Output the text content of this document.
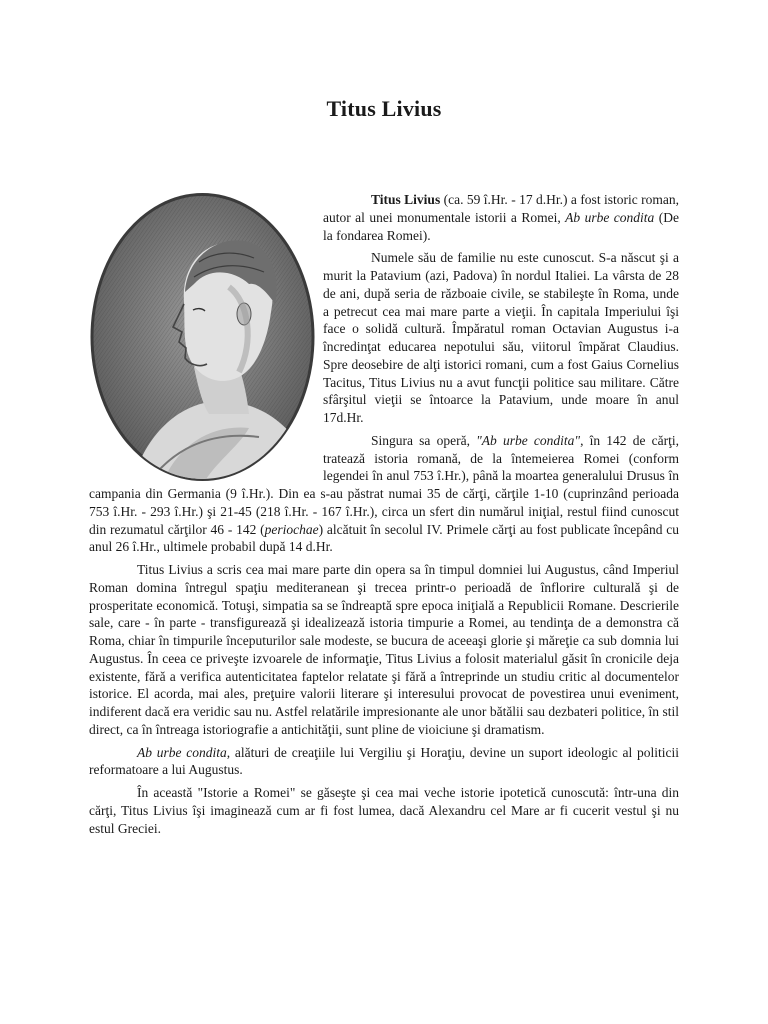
Titus Livius

Titus Livius (ca. 59 î.Hr. - 17 d.Hr.) a fost istoric roman, autor al unei monumentale istorii a Romei, Ab urbe condita (De la fondarea Romei).

Numele său de familie nu este cunoscut. S-a născut şi a murit la Patavium (azi, Padova) în nordul Italiei. La vârsta de 28 de ani, după seria de războaie civile, se stabileşte în Roma, unde a petrecut cea mai mare parte a vieţii. În capitala Imperiului îşi face o solidă cultură. Împăratul roman Octavian Augustus i-a încredinţat educarea nepotului său, viitorul împărat Claudius. Spre deosebire de alţi istorici romani, cum a fost Gaius Cornelius Tacitus, Titus Livius nu a avut funcţii politice sau militare. Către sfârşitul vieţii se întoarce la Patavium, unde moare în anul 17d.Hr.

Singura sa operă, "Ab urbe condita", în 142 de cărţi, tratează istoria romană, de la întemeierea Romei (conform legendei în anul 753 î.Hr.), până la moartea generalului Drusus în campania din Germania (9 î.Hr.). Din ea s-au păstrat numai 35 de cărţi, cărţile 1-10 (cuprinzând perioada 753 î.Hr. - 293 î.Hr.) şi 21-45 (218 î.Hr. - 167 î.Hr.), circa un sfert din numărul iniţial, restul fiind cunoscut din rezumatul cărţilor 46 - 142 (periochae) alcătuit în secolul IV. Primele cărţi au fost publicate începând cu anul 26 î.Hr., ultimele probabil după 14 d.Hr.

Titus Livius a scris cea mai mare parte din opera sa în timpul domniei lui Augustus, când Imperiul Roman domina întregul spaţiu mediteranean şi trecea printr-o perioadă de înflorire culturală şi de prosperitate economică. Totuşi, simpatia sa se îndreaptă spre epoca iniţială a Republicii Romane. Descrierile sale, care - în parte - transfigurează şi idealizează istoria timpurie a Romei, au tendinţa de a demonstra că Roma, chiar în timpurile începuturilor sale modeste, se bucura de aceeaşi glorie şi măreţie ca sub domnia lui Augustus. În ceea ce priveşte izvoarele de informaţie, Titus Livius a folosit materialul găsit în cronicile deja existente, fără a verifica autenticitatea faptelor relatate şi fără a întreprinde un studiu critic al documentelor istorice. El acorda, mai ales, preţuire valorii literare şi interesului provocat de povestirea unui eveniment, indiferent dacă era veridic sau nu. Astfel relatările impresionante ale unor bătălii sau dezbateri politice, în stil direct, ca în întreaga istoriografie a antichităţii, sunt pline de vioiciune şi dramatism.

Ab urbe condita, alături de creaţiile lui Vergiliu şi Horaţiu, devine un suport ideologic al politicii reformatoare a lui Augustus.

În această "Istorie a Romei" se găseşte şi cea mai veche istorie ipotetică cunoscută: într-una din cărţi, Titus Livius îşi imaginează cum ar fi fost lumea, dacă Alexandru cel Mare ar fi cucerit vestul şi nu estul Greciei.
